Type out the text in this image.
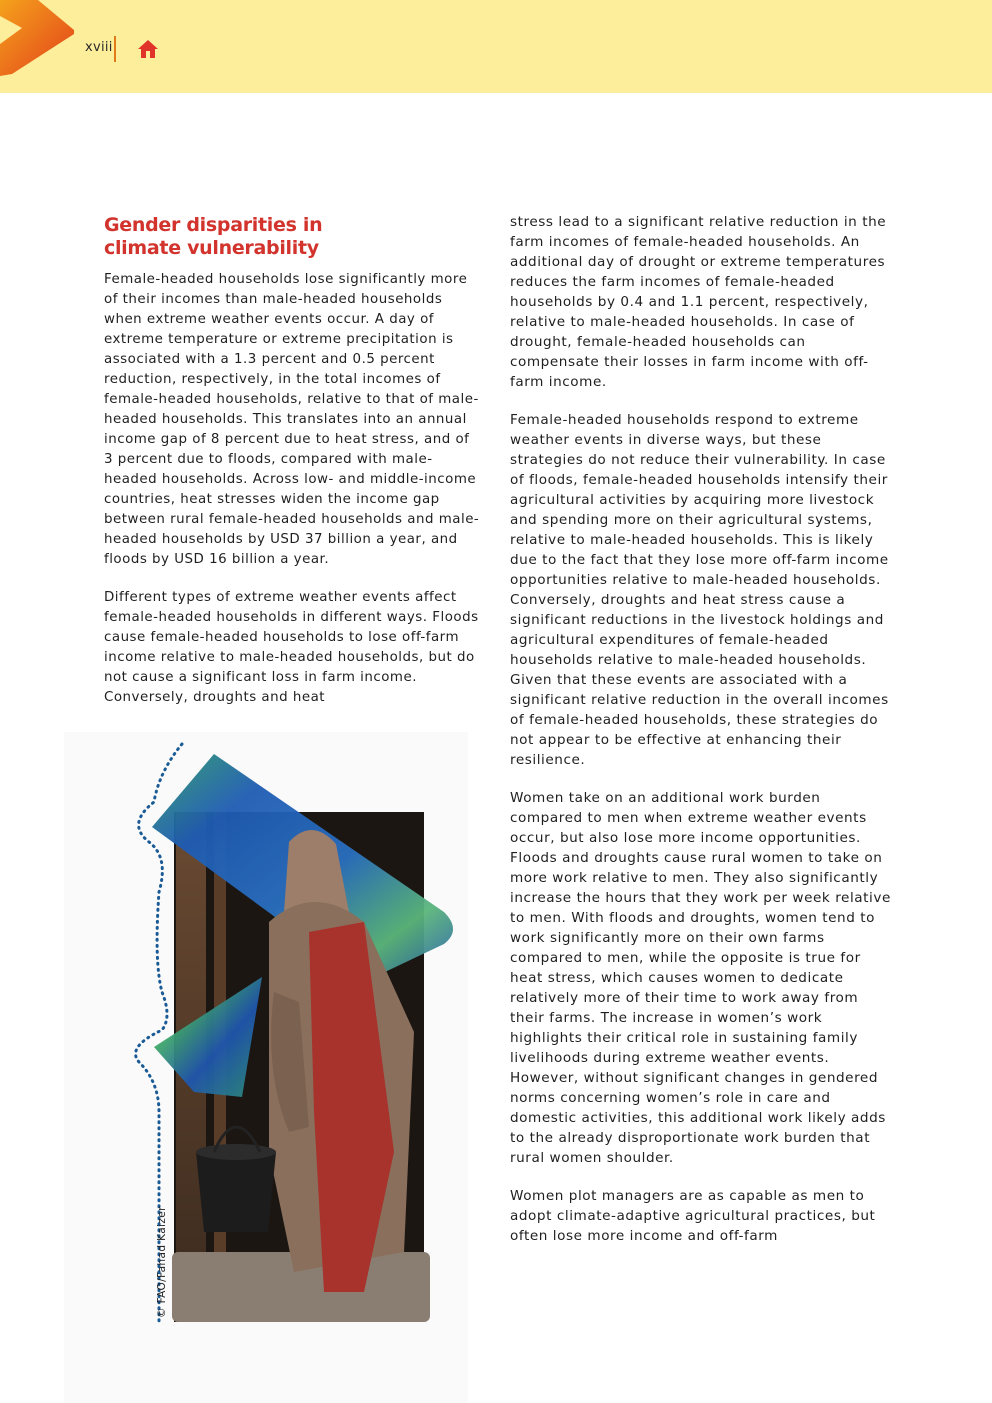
xviii
Gender disparities in
climate vulnerability

Female-headed households lose significantly more of their incomes than male-headed households when extreme weather events occur. A day of extreme temperature or extreme precipitation is associated with a 1.3 percent and 0.5 percent reduction, respectively, in the total incomes of female-headed households, relative to that of male-headed households. This translates into an annual income gap of 8 percent due to heat stress, and of 3 percent due to floods, compared with male-headed households. Across low- and middle-income countries, heat stresses widen the income gap between rural female-headed households and male-headed households by USD 37 billion a year, and floods by USD 16 billion a year.

Different types of extreme weather events affect female-headed households in different ways. Floods cause female-headed households to lose off-farm income relative to male-headed households, but do not cause a significant loss in farm income. Conversely, droughts and heat

© FAO/Fahad Kaizer

stress lead to a significant relative reduction in the farm incomes of female-headed households. An additional day of drought or extreme temperatures reduces the farm incomes of female-headed households by 0.4 and 1.1 percent, respectively, relative to male-headed households. In case of drought, female-headed households can compensate their losses in farm income with off-farm income.

Female-headed households respond to extreme weather events in diverse ways, but these strategies do not reduce their vulnerability. In case of floods, female-headed households intensify their agricultural activities by acquiring more livestock and spending more on their agricultural systems, relative to male-headed households. This is likely due to the fact that they lose more off-farm income opportunities relative to male-headed households. Conversely, droughts and heat stress cause a significant reductions in the livestock holdings and agricultural expenditures of female-headed households relative to male-headed households. Given that these events are associated with a significant relative reduction in the overall incomes of female-headed households, these strategies do not appear to be effective at enhancing their resilience.

Women take on an additional work burden compared to men when extreme weather events occur, but also lose more income opportunities. Floods and droughts cause rural women to take on more work relative to men. They also significantly increase the hours that they work per week relative to men. With floods and droughts, women tend to work significantly more on their own farms compared to men, while the opposite is true for heat stress, which causes women to dedicate relatively more of their time to work away from their farms. The increase in women’s work highlights their critical role in sustaining family livelihoods during extreme weather events. However, without significant changes in gendered norms concerning women’s role in care and domestic activities, this additional work likely adds to the already disproportionate work burden that rural women shoulder.

Women plot managers are as capable as men to adopt climate-adaptive agricultural practices, but often lose more income and off-farm
